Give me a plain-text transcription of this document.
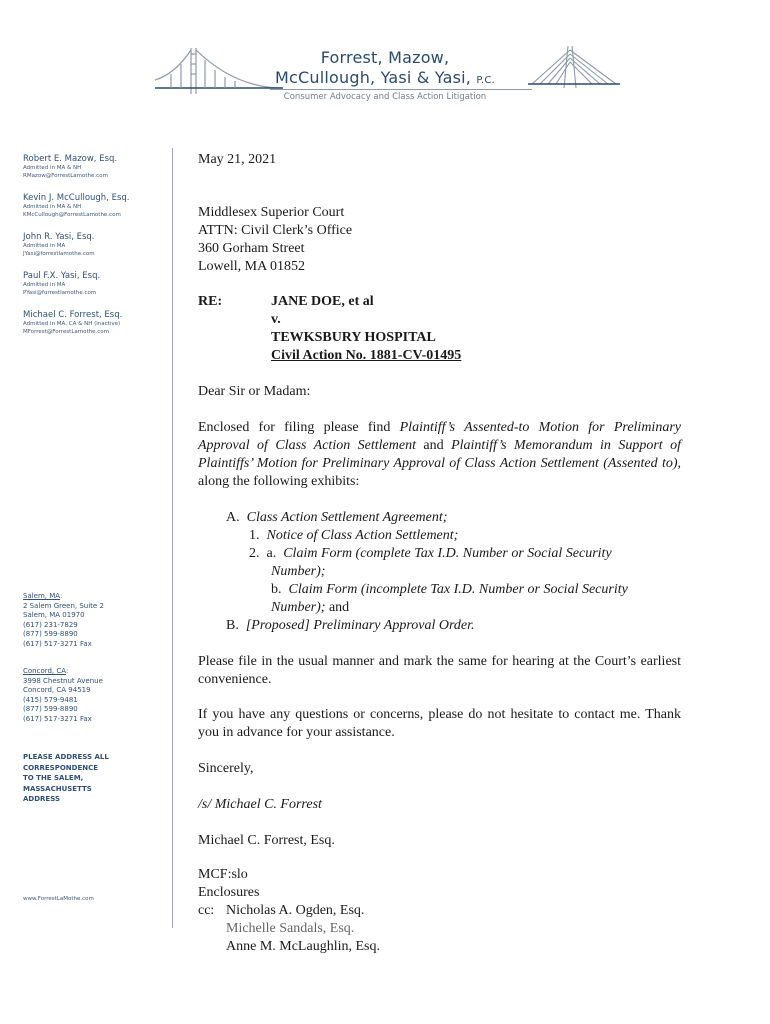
Forrest, Mazow,
McCullough, Yasi & Yasi, P.C.
Consumer Advocacy and Class Action Litigation
Robert E. Mazow, Esq.
Admitted in MA & NH
RMazow@ForrestLamothe.com
Kevin J. McCullough, Esq.
Admitted in MA & NH
KMcCullough@ForrestLamothe.com
John R. Yasi, Esq.
Admitted in MA
JYasi@forrestlamothe.com
Paul F.X. Yasi, Esq.
Admitted in MA
PYasi@forrestlamothe.com
Michael C. Forrest, Esq.
Admitted in MA, CA & NH (inactive)
MForrest@ForrestLamothe.com
Salem, MA:
2 Salem Green, Suite 2
Salem, MA 01970
(617) 231-7829
(877) 599-8890
(617) 517-3271 Fax
Concord, CA:
3998 Chestnut Avenue
Concord, CA 94519
(415) 579-9481
(877) 599-8890
(617) 517-3271 Fax
PLEASE ADDRESS ALL
CORRESPONDENCE
TO THE SALEM,
MASSACHUSETTS
ADDRESS
www.ForrestLaMothe.com
May 21, 2021
Middlesex Superior Court
ATTN: Civil Clerk’s Office
360 Gorham Street
Lowell, MA 01852
RE:	JANE DOE, et al
v.
TEWKSBURY HOSPITAL
Civil Action No. 1881-CV-01495
Dear Sir or Madam:
Enclosed for filing please find Plaintiff’s Assented-to Motion for Preliminary Approval of Class Action Settlement and Plaintiff’s Memorandum in Support of Plaintiffs’ Motion for Preliminary Approval of Class Action Settlement (Assented to), along the following exhibits:
A. Class Action Settlement Agreement;
1. Notice of Class Action Settlement;
2. a. Claim Form (complete Tax I.D. Number or Social Security
Number);
b. Claim Form (incomplete Tax I.D. Number or Social Security
Number); and
B. [Proposed] Preliminary Approval Order.
Please file in the usual manner and mark the same for hearing at the Court’s earliest convenience.
If you have any questions or concerns, please do not hesitate to contact me. Thank you in advance for your assistance.
Sincerely,
/s/ Michael C. Forrest
Michael C. Forrest, Esq.
MCF:slo
Enclosures
cc: Nicholas A. Ogden, Esq.
Michelle Sandals, Esq.
Anne M. McLaughlin, Esq.
